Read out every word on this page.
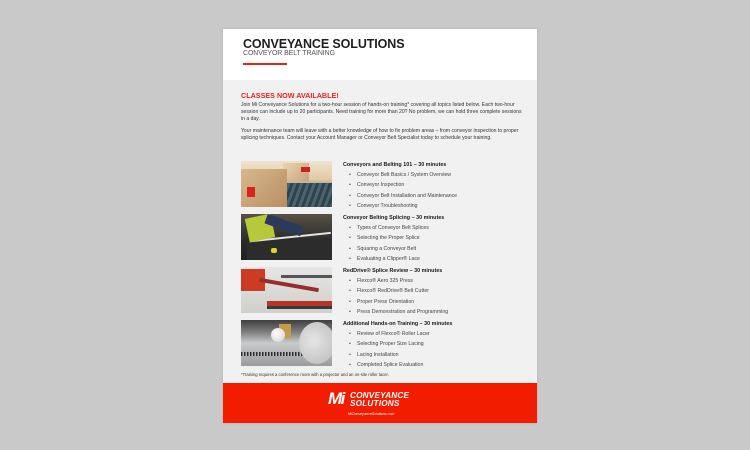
CONVEYANCE SOLUTIONS
CONVEYOR BELT TRAINING
CLASSES NOW AVAILABLE!
Join Mi Conveyance Solutions for a two-hour session of hands-on training* covering all topics listed below. Each two-hour session can include up to 20 participants. Need training for more than 20? No problem, we can hold three complete sessions in a day.
Your maintenance team will leave with a better knowledge of how to fix problem areas – from conveyor inspection to proper splicing techniques. Contact your Account Manager or Conveyor Belt Specialist today to schedule your training.
Conveyors and Belting 101 – 30 minutes
• Conveyor Belt Basics / System Overview
• Conveyor Inspection
• Conveyor Belt Installation and Maintenance
• Conveyor Troubleshooting
Conveyor Belting Splicing – 30 minutes
• Types of Conveyor Belt Splices
• Selecting the Proper Splice
• Squaring a Conveyor Belt
• Evaluating a Clipper® Lace
RedDrive® Splice Review – 30 minutes
• Flexco® Aero 325 Press
• Flexco® RedDrive® Belt Cutter
• Proper Press Orientation
• Press Demonstration and Programming
Additional Hands-on Training – 30 minutes
• Review of Flexco® Roller Lacer
• Selecting Proper Size Lacing
• Lacing Installation
• Completed Splice Evaluation
*Training requires a conference room with a projector and an on-site roller lacer.
Mi CONVEYANCE
SOLUTIONS
MiConveyanceSolutions.com
